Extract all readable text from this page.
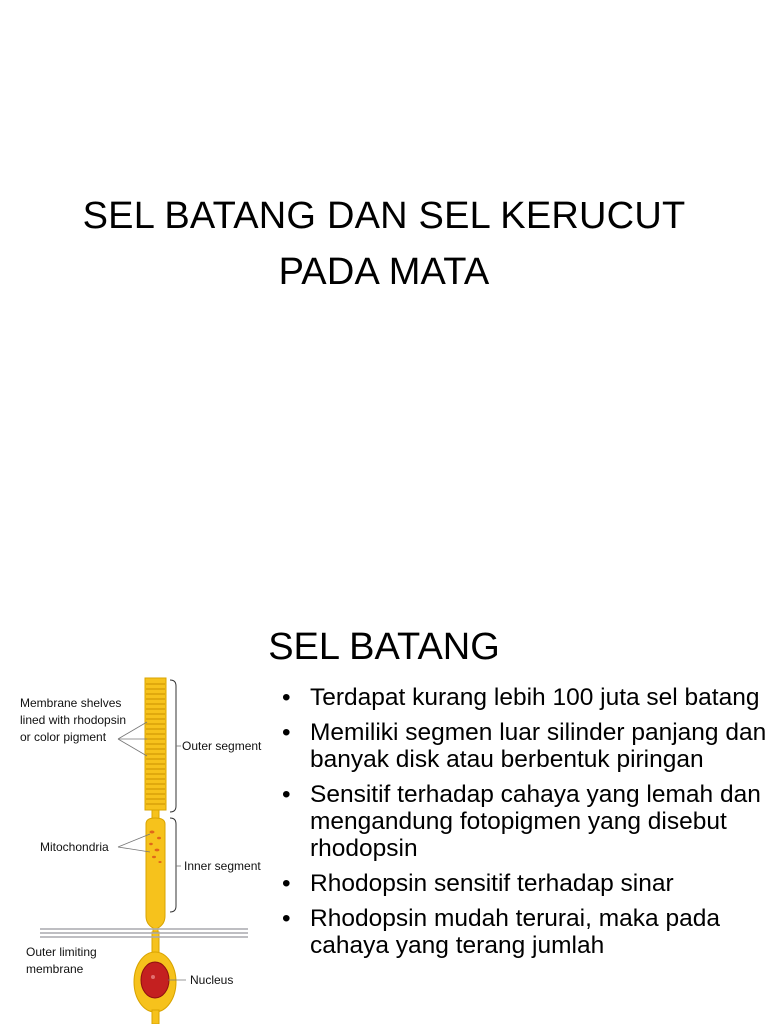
SEL BATANG DAN SEL KERUCUT
PADA MATA
SEL BATANG
Membrane shelves
lined with rhodopsin
or color pigment
Outer segment
Mitochondria
Inner segment
Outer limiting
membrane
Nucleus
• Terdapat kurang lebih 100 juta sel batang
• Memiliki segmen luar silinder panjang dan banyak disk atau berbentuk piringan
• Sensitif terhadap cahaya yang lemah dan mengandung fotopigmen yang disebut rhodopsin
• Rhodopsin sensitif terhadap sinar
• Rhodopsin mudah terurai, maka pada cahaya yang terang jumlah
